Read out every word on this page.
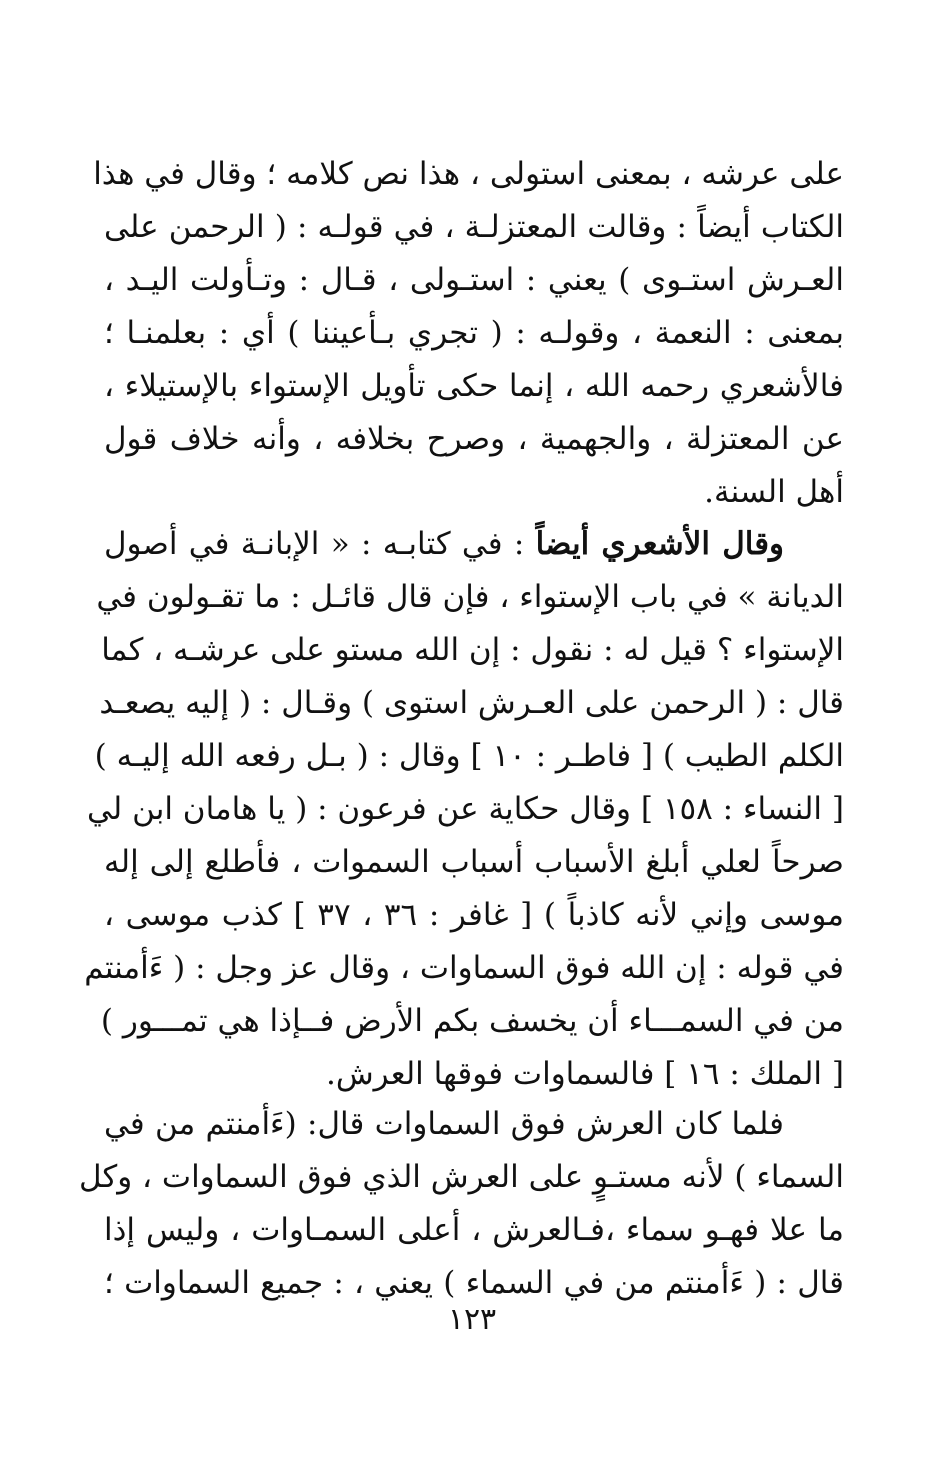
على عرشه ، بمعنى استولى ، هذا نص كلامه ؛ وقال في هذا
الكتاب أيضاً : وقالت المعتزلـة ، في قولـه : ( الرحمن على
العـرش استـوى ) يعني : استـولى ، قـال : وتـأولت اليـد ،
بمعنى : النعمة ، وقولـه : ( تجري بـأعيننا ) أي : بعلمنـا ؛
فالأشعري رحمه الله ، إنما حكى تأويل الإستواء بالإستيلاء ،
عن المعتزلة ، والجهمية ، وصرح بخلافه ، وأنه خلاف قول
أهل السنة.
وقال الأشعري أيضاً : في كتابـه : « الإبانـة في أصول
الديانة » في باب الإستواء ، فإن قال قائـل : ما تقـولون في
الإستواء ؟ قيل له : نقول : إن الله مستو على عرشـه ، كما
قال : ( الرحمن على العـرش استوى ) وقـال : ( إليه يصعـد
الكلم الطيب ) [ فاطـر : ١٠ ] وقال : ( بـل رفعه الله إليـه )
[ النساء : ١٥٨ ] وقال حكاية عن فرعون : ( يا هامان ابن لي
صرحاً لعلي أبلغ الأسباب أسباب السموات ، فأطلع إلى إله
موسى وإني لأنه كاذباً ) [ غافر : ٣٦ ، ٣٧ ] كذب موسى ،
في قوله : إن الله فوق السماوات ، وقال عز وجل : ( ءَأمنتم
من في السمـــاء أن يخسف بكم الأرض فــإذا هي تمـــور )
[ الملك : ١٦ ] فالسماوات فوقها العرش.
فلما كان العرش فوق السماوات قال: (ءَأمنتم من في
السماء ) لأنه مستـوٍ على العرش الذي فوق السماوات ، وكل
ما علا فهـو سماء ،فـالعرش ، أعلى السمـاوات ، وليس إذا
قال : ( ءَأمنتم من في السماء ) يعني ، : جميع السماوات ؛
١٢٣
